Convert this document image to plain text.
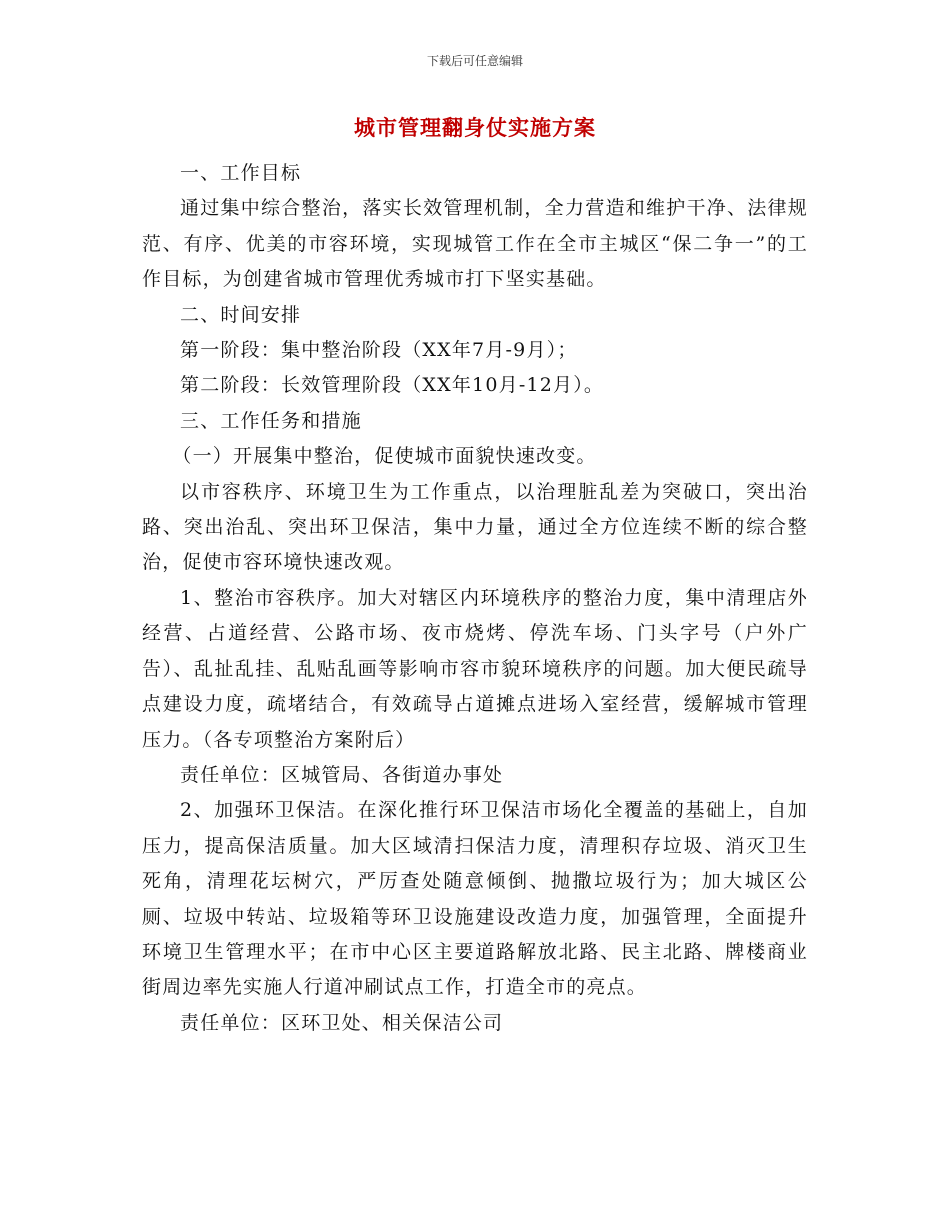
下载后可任意编辑
城市管理翻身仗实施方案

一、工作目标

通过集中综合整治，落实长效管理机制，全力营造和维护干净、法律规范、有序、优美的市容环境，实现城管工作在全市主城区“保二争一”的工作目标，为创建省城市管理优秀城市打下坚实基础。

二、时间安排

第一阶段：集中整治阶段（XX年7月-9月）；

第二阶段：长效管理阶段（XX年10月-12月）。

三、工作任务和措施

（一）开展集中整治，促使城市面貌快速改变。

以市容秩序、环境卫生为工作重点，以治理脏乱差为突破口，突出治路、突出治乱、突出环卫保洁，集中力量，通过全方位连续不断的综合整治，促使市容环境快速改观。

1、整治市容秩序。加大对辖区内环境秩序的整治力度，集中清理店外经营、占道经营、公路市场、夜市烧烤、停洗车场、门头字号（户外广告）、乱扯乱挂、乱贴乱画等影响市容市貌环境秩序的问题。加大便民疏导点建设力度，疏堵结合，有效疏导占道摊点进场入室经营，缓解城市管理压力。（各专项整治方案附后）

责任单位：区城管局、各街道办事处

2、加强环卫保洁。在深化推行环卫保洁市场化全覆盖的基础上，自加压力，提高保洁质量。加大区域清扫保洁力度，清理积存垃圾、消灭卫生死角，清理花坛树穴，严厉查处随意倾倒、抛撒垃圾行为；加大城区公厕、垃圾中转站、垃圾箱等环卫设施建设改造力度，加强管理，全面提升环境卫生管理水平；在市中心区主要道路解放北路、民主北路、牌楼商业街周边率先实施人行道冲刷试点工作，打造全市的亮点。

责任单位：区环卫处、相关保洁公司
